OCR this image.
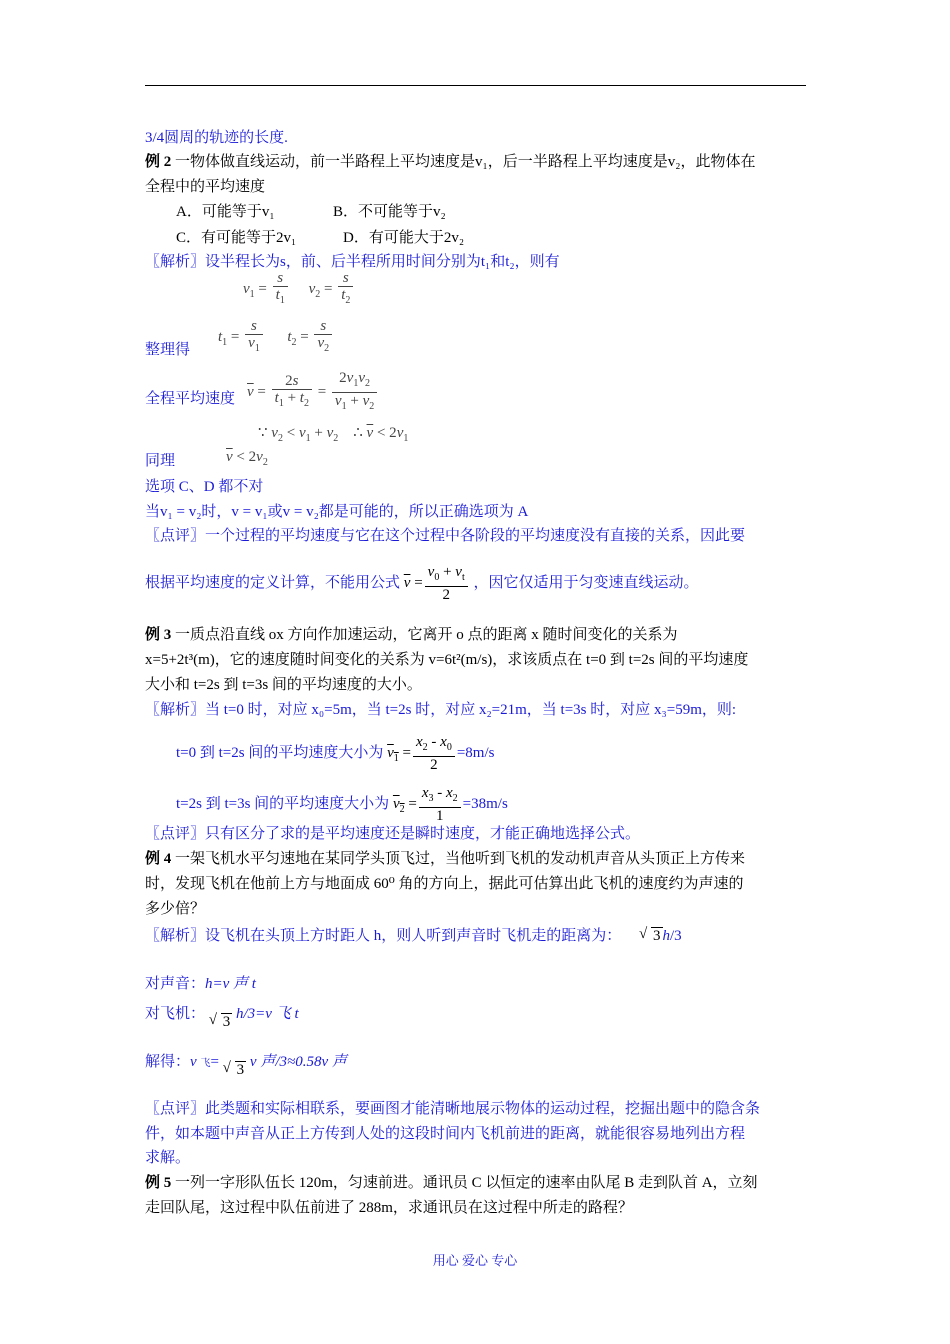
3/4圆周的轨迹的长度.
例 2 一物体做直线运动，前一半路程上平均速度是v₁，后一半路程上平均速度是v₂，此物体在
全程中的平均速度
A．可能等于v₁	B．不可能等于v₂
C．有可能等于2v₁	D．有可能大于2v₂
〖解析〗设半程长为s，前、后半程所用时间分别为t₁和t₂，则有
$v_1 = \frac{s}{t_1} v_2 = \frac{s}{t_2}$
整理得
$t_1 = \frac{s}{v_1} t_2 = \frac{s}{v_2}$
全程平均速度 $\overline{v} = \frac{2s}{t_1 + t_2} = \frac{2v_1v_2}{v_1 + v_2}$
∵ $v_2 < v_1 + v_2$    ∴ $\overline{v} < 2v_1$
同理	$\overline{v} < 2v_2$
选项 C、D 都不对
当v₁ = v₂时，v = v₁或v = v₂都是可能的，所以正确选项为 A
〖点评〗一个过程的平均速度与它在这个过程中各阶段的平均速度没有直接的关系，因此要
根据平均速度的定义计算，不能用公式 $\overline{v} = \frac{v_0 + v_t}{2}$ ，因它仅适用于匀变速直线运动。
例 3 一质点沿直线 ox 方向作加速运动，它离开 o 点的距离 x 随时间变化的关系为
x=5+2t³(m)，它的速度随时间变化的关系为 v=6t²(m/s)，求该质点在 t=0 到 t=2s 间的平均速度
大小和 t=2s 到 t=3s 间的平均速度的大小。
〖解析〗当 t=0 时，对应 x₀=5m，当 t=2s 时，对应 x₂=21m，当 t=3s 时，对应 x₃=59m，则:
t=0 到 t=2s 间的平均速度大小为 $v_1 = \frac{x_2 - x_0}{2} =8m/s$
t=2s 到 t=3s 间的平均速度大小为 $v_2 = \frac{x_3 - x_2}{1} =38m/s$
〖点评〗只有区分了求的是平均速度还是瞬时速度，才能正确地选择公式。
例 4 一架飞机水平匀速地在某同学头顶飞过，当他听到飞机的发动机声音从头顶正上方传来
时，发现飞机在他前上方与地面成 60⁰ 角的方向上，据此可估算出此飞机的速度约为声速的
多少倍？
〖解析〗设飞机在头顶上方时距人 h，则人听到声音时飞机走的距离为： √ 3 h/3
对声音：h=v 声 t
对飞机： √ 3 h/3=v 飞 t
解得：v 飞= √ 3 v 声/3≈0.58v 声
〖点评〗此类题和实际相联系，要画图才能清晰地展示物体的运动过程，挖掘出题中的隐含条
件，如本题中声音从正上方传到人处的这段时间内飞机前进的距离，就能很容易地列出方程
求解。
例 5 一列一字形队伍长 120m，匀速前进。通讯员 C 以恒定的速率由队尾 B 走到队首 A，立刻
走回队尾，这过程中队伍前进了 288m，求通讯员在这过程中所走的路程？
用心 爱心 专心
